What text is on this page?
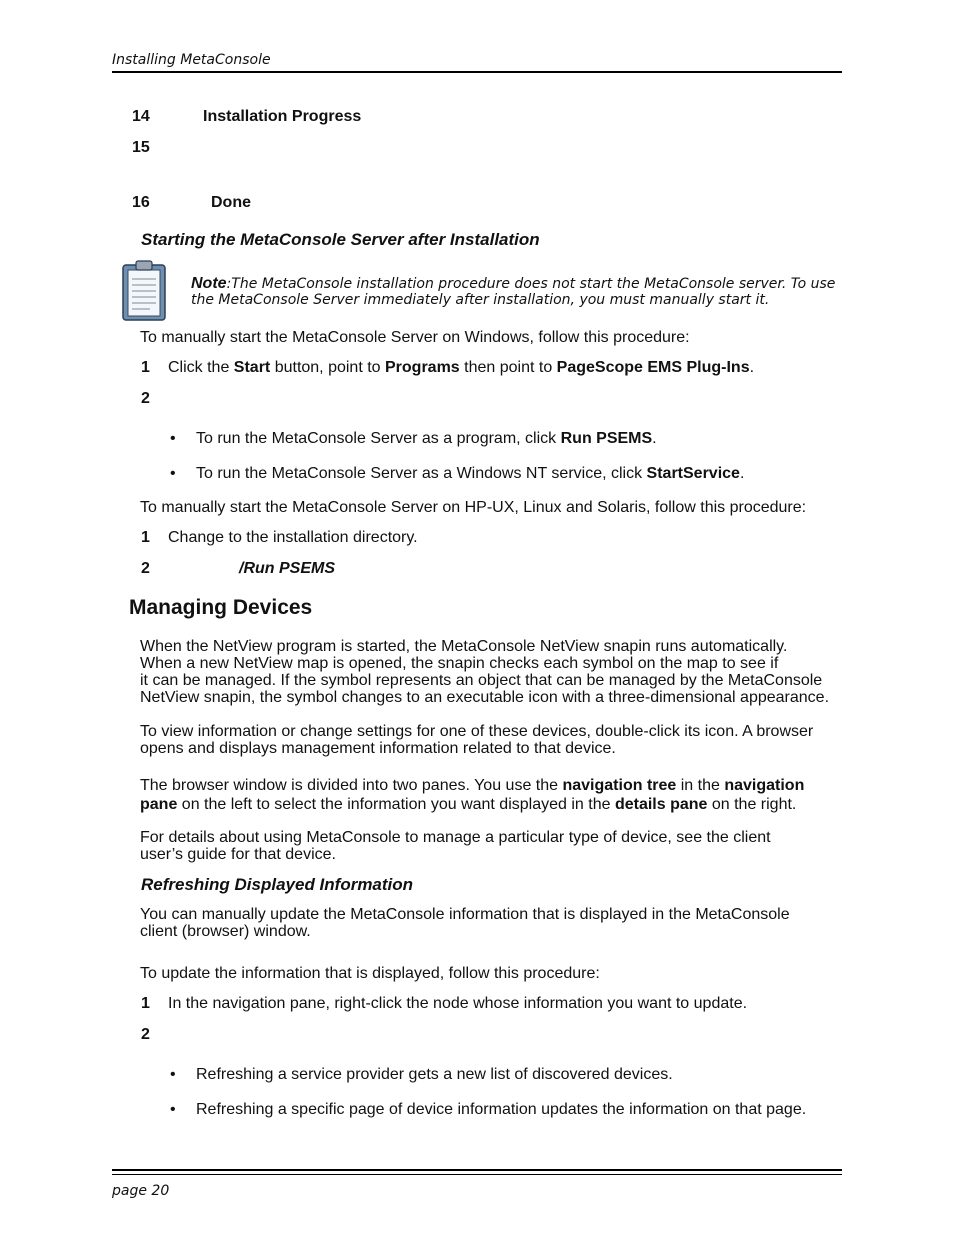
Installing MetaConsole
14	Installation Progress
15
16	Done
Starting the MetaConsole Server after Installation
Note:The MetaConsole installation procedure does not start the MetaConsole server. To use the MetaConsole Server immediately after installation, you must manually start it.
To manually start the MetaConsole Server on Windows, follow this procedure:
1 Click the Start button, point to Programs then point to PageScope EMS Plug-Ins.
2
• To run the MetaConsole Server as a program, click Run PSEMS.
• To run the MetaConsole Server as a Windows NT service, click StartService.
To manually start the MetaConsole Server on HP-UX, Linux and Solaris, follow this procedure:
1 Change to the installation directory.
2	/Run PSEMS
Managing Devices
When the NetView program is started, the MetaConsole NetView snapin runs automatically.
When a new NetView map is opened, the snapin checks each symbol on the map to see if
it can be managed. If the symbol represents an object that can be managed by the MetaConsole
NetView snapin, the symbol changes to an executable icon with a three-dimensional appearance.
To view information or change settings for one of these devices, double-click its icon. A browser
opens and displays management information related to that device.
The browser window is divided into two panes. You use the navigation tree in the navigation
pane on the left to select the information you want displayed in the details pane on the right.
For details about using MetaConsole to manage a particular type of device, see the client
user’s guide for that device.
Refreshing Displayed Information
You can manually update the MetaConsole information that is displayed in the MetaConsole
client (browser) window.
To update the information that is displayed, follow this procedure:
1 In the navigation pane, right-click the node whose information you want to update.
2
• Refreshing a service provider gets a new list of discovered devices.
• Refreshing a specific page of device information updates the information on that page.
page 20
